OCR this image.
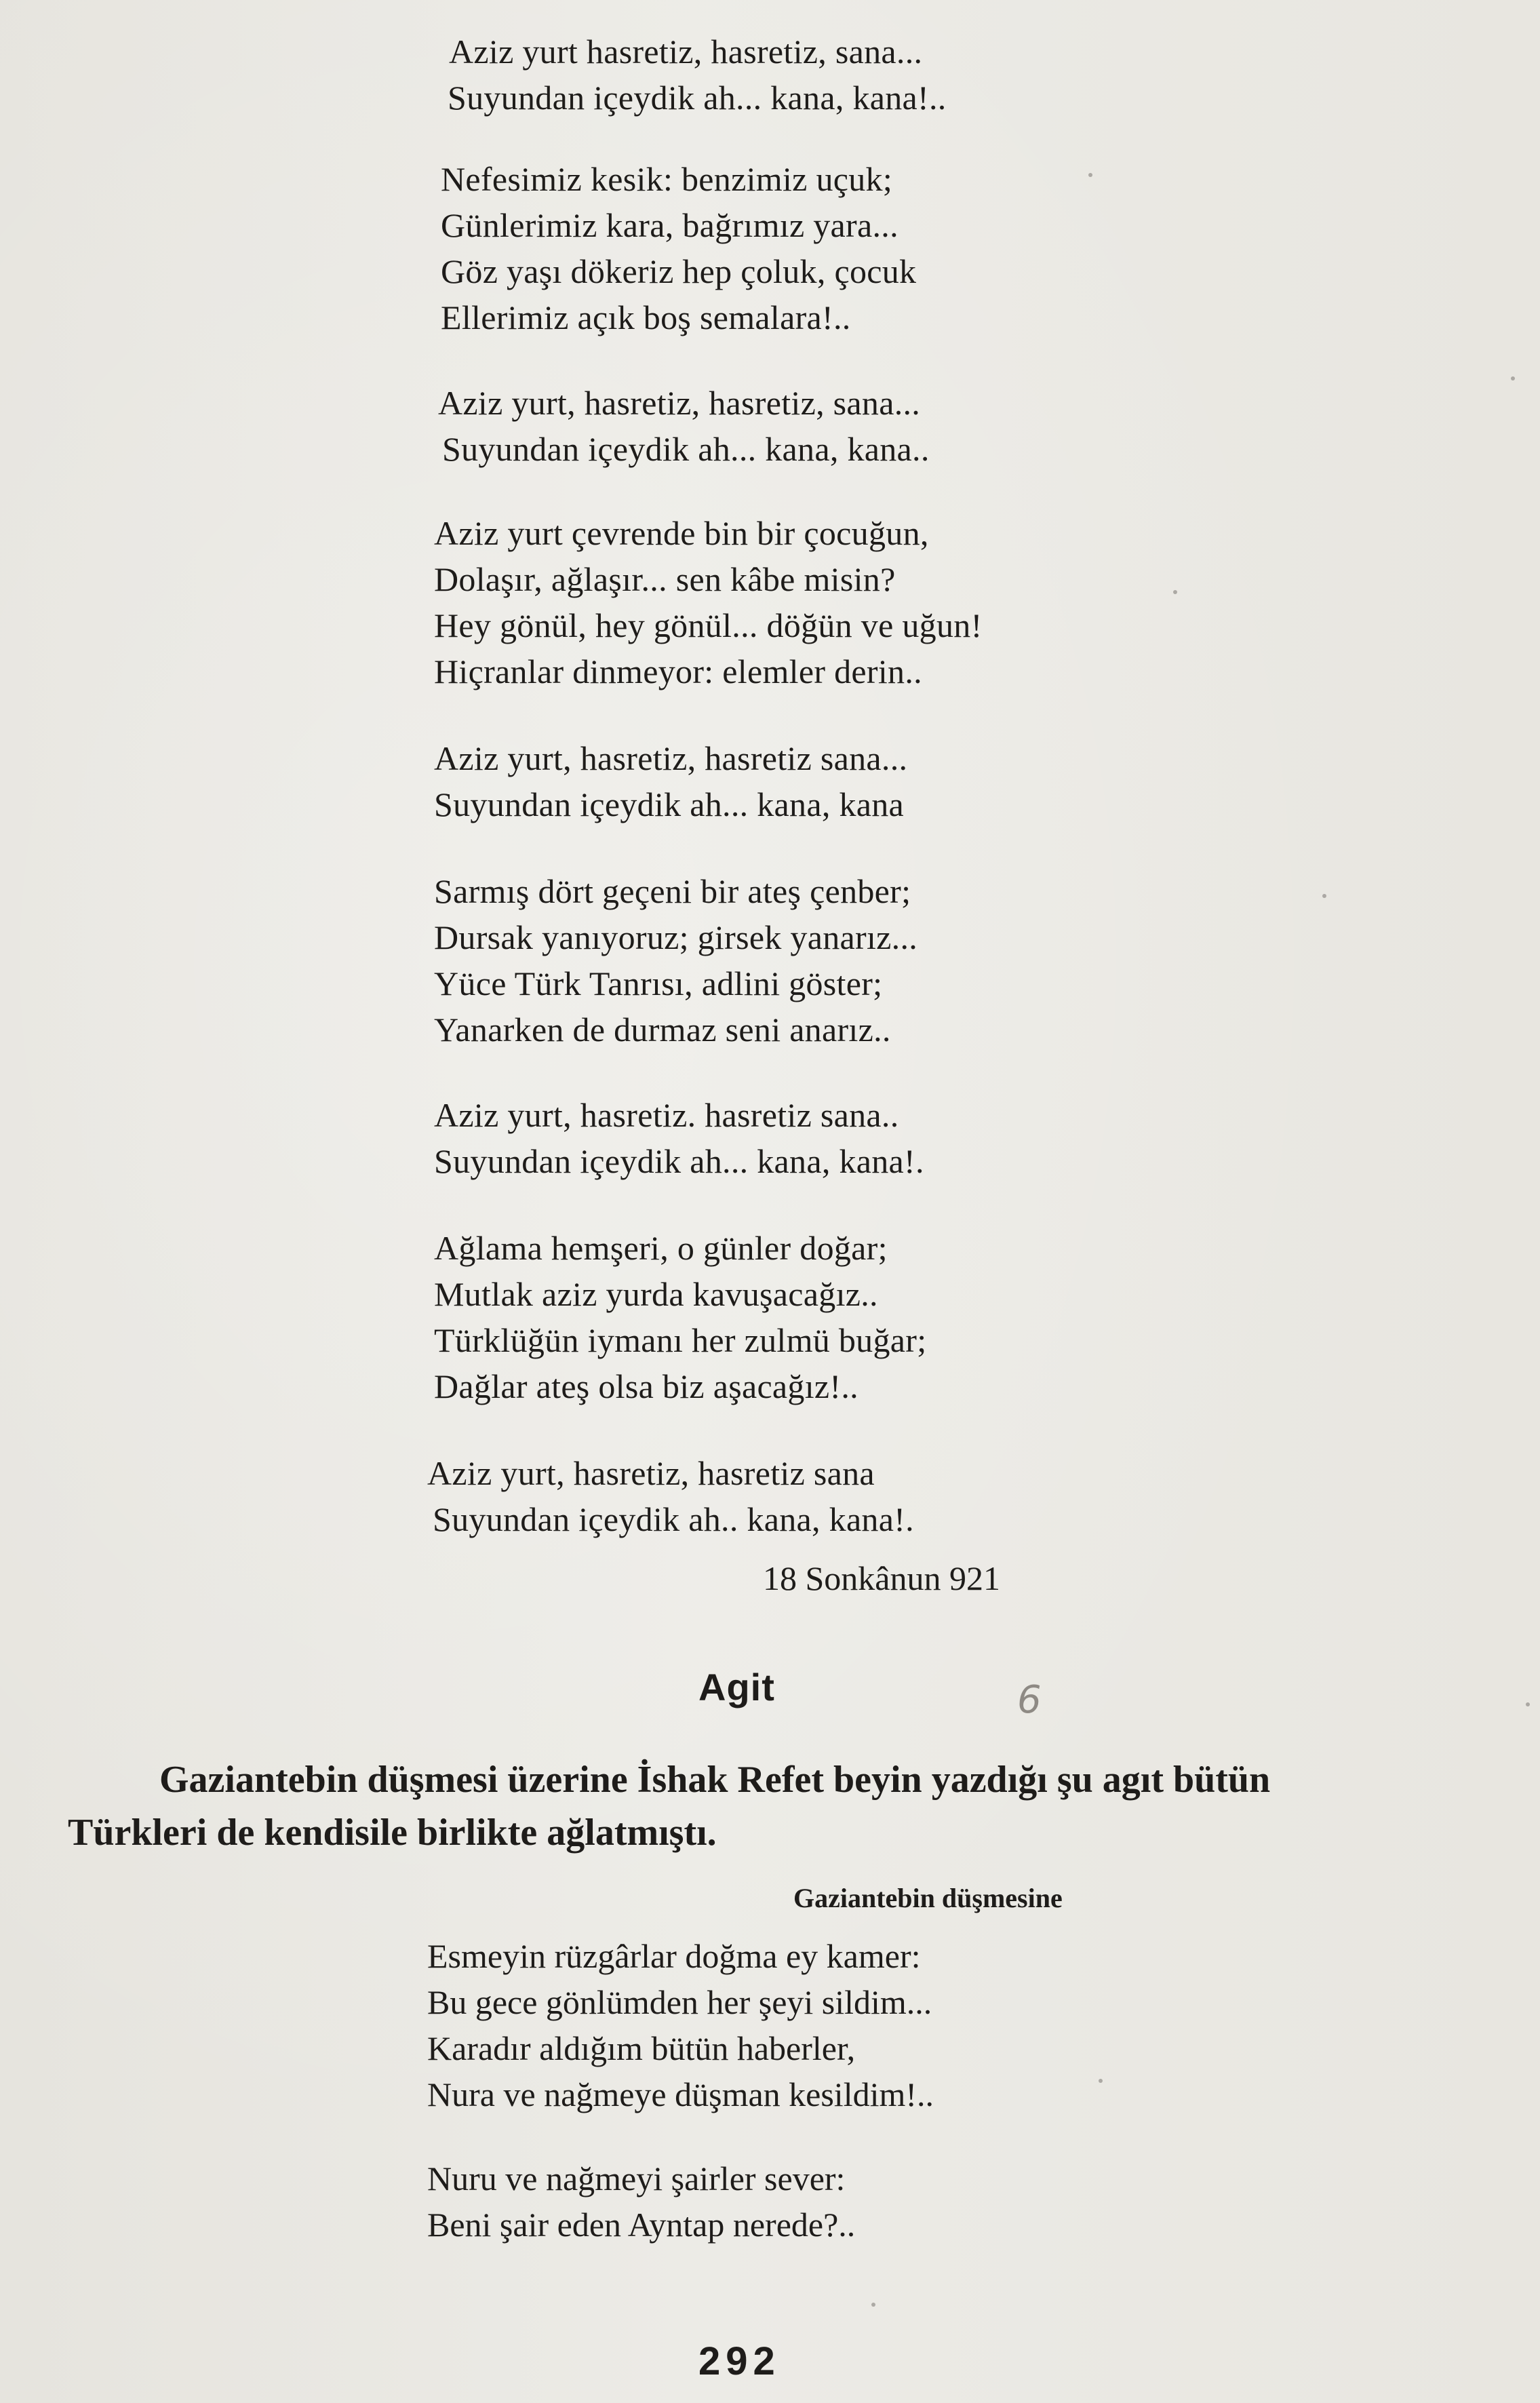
Aziz yurt hasretiz, hasretiz, sana...
Suyundan içeydik ah... kana, kana!..
Nefesimiz kesik: benzimiz uçuk;
Günlerimiz kara, bağrımız yara...
Göz yaşı dökeriz hep çoluk, çocuk
Ellerimiz açık boş semalara!..
Aziz yurt, hasretiz, hasretiz, sana...
Suyundan içeydik ah... kana, kana..
Aziz yurt çevrende bin bir çocuğun,
Dolaşır, ağlaşır... sen kâbe misin?
Hey gönül, hey gönül... döğün ve uğun!
Hiçranlar dinmeyor: elemler derin..
Aziz yurt, hasretiz, hasretiz sana...
Suyundan içeydik ah... kana, kana
Sarmış dört geçeni bir ateş çenber;
Dursak yanıyoruz; girsek yanarız...
Yüce Türk Tanrısı, adlini göster;
Yanarken de durmaz seni anarız..
Aziz yurt, hasretiz. hasretiz sana..
Suyundan içeydik ah... kana, kana!.
Ağlama hemşeri, o günler doğar;
Mutlak aziz yurda kavuşacağız..
Türklüğün iymanı her zulmü buğar;
Dağlar ateş olsa biz aşacağız!..
Aziz yurt, hasretiz, hasretiz sana
Suyundan içeydik ah.. kana, kana!.
18 Sonkânun 921
Agit	6
Gaziantebin düşmesi üzerine İshak Refet beyin yazdığı şu agıt bütün
Türkleri de kendisile birlikte ağlatmıştı.
Gaziantebin düşmesine
Esmeyin rüzgârlar doğma ey kamer:
Bu gece gönlümden her şeyi sildim...
Karadır aldığım bütün haberler,
Nura ve nağmeye düşman kesildim!..
Nuru ve nağmeyi şairler sever:
Beni şair eden Ayntap nerede?..
292
